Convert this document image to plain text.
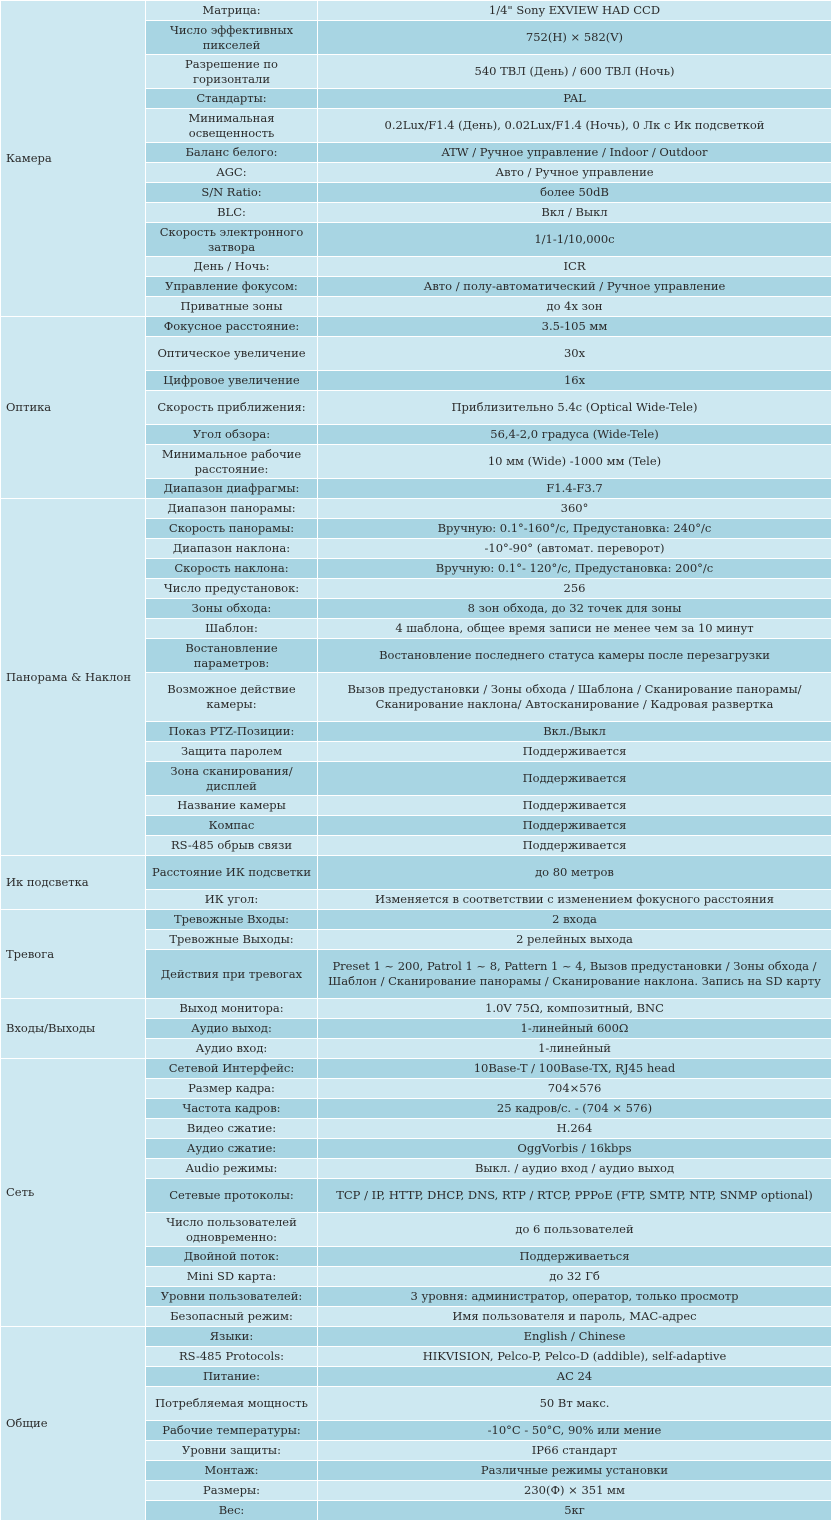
Камера	Матрица:	1/4" Sony EXVIEW HAD CCD
	Число эффективных пикселей	752(H) × 582(V)
	Разрешение по горизонтали	540 ТВЛ (День) / 600 ТВЛ (Ночь)
	Стандарты:	PAL
	Минимальная освещенность	0.2Lux/F1.4 (День), 0.02Lux/F1.4 (Ночь), 0 Лк с Ик подсветкой
	Баланс белого:	ATW / Ручное управление / Indoor / Outdoor
	AGC:	Авто / Ручное управление
	S/N Ratio:	более 50dB
	BLC:	Вкл / Выкл
	Скорость электронного затвора	1/1-1/10,000с
	День / Ночь:	ICR
	Управление фокусом:	Авто / полу-автоматический / Ручное управление
	Приватные зоны	до 4х зон
Оптика	Фокусное расстояние:	3.5-105 мм
	Оптическое увеличение	30х
	Цифровое увеличение	16х
	Скорость приближения:	Приблизительно 5.4с (Optical Wide-Tele)
	Угол обзора:	56,4-2,0 градуса (Wide-Tele)
	Минимальное рабочие расстояние:	10 мм (Wide) -1000 мм (Tele)
	Диапазон диафрагмы:	F1.4-F3.7
Панорама & Наклон	Диапазон панорамы:	360°
	Скорость панорамы:	Вручную: 0.1°-160°/с, Предустановка: 240°/с
	Диапазон наклона:	-10°-90° (автомат. переворот)
	Скорость наклона:	Вручную: 0.1°- 120°/с, Предустановка: 200°/с
	Число предустановок:	256
	Зоны обхода:	8 зон обхода, до 32 точек для зоны
	Шаблон:	4 шаблона, общее время записи не менее чем за 10 минут
	Востановление параметров:	Востановление последнего статуса камеры после перезагрузки
	Возможное действие камеры:	Вызов предустановки / Зоны обхода / Шаблона / Сканирование панорамы/ Сканирование наклона/ Автосканирование / Кадровая развертка
	Показ PTZ-Позиции:	Вкл./Выкл
	Защита паролем	Поддерживается
	Зона сканирования/дисплей	Поддерживается
	Название камеры	Поддерживается
	Компас	Поддерживается
	RS-485 обрыв связи	Поддерживается
Ик подсветка	Расстояние ИК подсветки	до 80 метров
	ИК угол:	Изменяется в соответствии с изменением фокусного расстояния
Тревога	Тревожные Входы:	2 входа
	Тревожные Выходы:	2 релейных выхода
	Действия при тревогах	Preset 1 ~ 200, Patrol 1 ~ 8, Pattern 1 ~ 4, Вызов предустановки / Зоны обхода / Шаблон / Сканирование панорамы / Сканирование наклона. Запись на SD карту
Входы/Выходы	Выход монитора:	1.0V 75Ω, композитный, BNC
	Аудио выход:	1-линейный 600Ω
	Аудио вход:	1-линейный
Сеть	Сетевой Интерфейс:	10Base-T / 100Base-TX, RJ45 head
	Размер кадра:	704×576
	Частота кадров:	25 кадров/с. - (704 × 576)
	Видео сжатие:	H.264
	Аудио сжатие:	OggVorbis / 16kbps
	Audio режимы:	Выкл. / аудио вход / аудио выход
	Сетевые протоколы:	TCP / IP, HTTP, DHCP, DNS, RTP / RTCP, PPPoE (FTP, SMTP, NTP, SNMP optional)
	Число пользователей одновременно:	до 6 пользователей
	Двойной поток:	Поддерживаеться
	Mini SD карта:	до 32 Гб
	Уровни пользователей:	3 уровня: администратор, оператор, только просмотр
	Безопасный режим:	Имя пользователя и пароль, MAC-адрес
Общие	Языки:	English / Chinese
	RS-485 Protocols:	HIKVISION, Pelco-P, Pelco-D (addible), self-adaptive
	Питание:	AC 24
	Потребляемая мощность	50 Вт макс.
	Рабочие температуры:	-10°C - 50°C, 90% или мение
	Уровни защиты:	IP66 стандарт
	Монтаж:	Различные режимы установки
	Размеры:	230(Ф) × 351 мм
	Вес:	5кг
